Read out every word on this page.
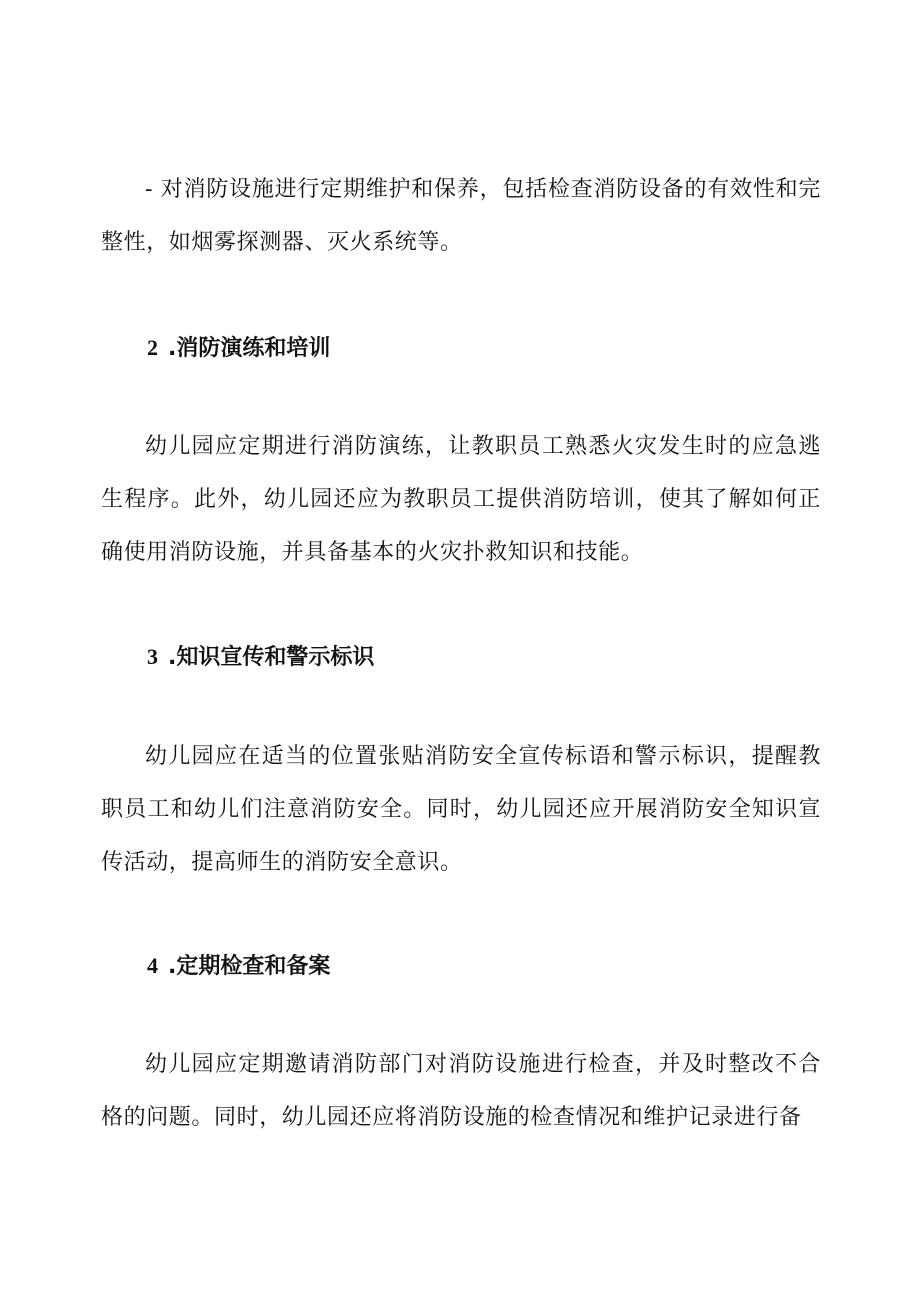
- 对消防设施进行定期维护和保养，包括检查消防设备的有效性和完整性，如烟雾探测器、灭火系统等。

2 .消防演练和培训

幼儿园应定期进行消防演练，让教职员工熟悉火灾发生时的应急逃生程序。此外，幼儿园还应为教职员工提供消防培训，使其了解如何正确使用消防设施，并具备基本的火灾扑救知识和技能。

3 .知识宣传和警示标识

幼儿园应在适当的位置张贴消防安全宣传标语和警示标识，提醒教职员工和幼儿们注意消防安全。同时，幼儿园还应开展消防安全知识宣传活动，提高师生的消防安全意识。

4 .定期检查和备案

幼儿园应定期邀请消防部门对消防设施进行检查，并及时整改不合格的问题。同时，幼儿园还应将消防设施的检查情况和维护记录进行备
